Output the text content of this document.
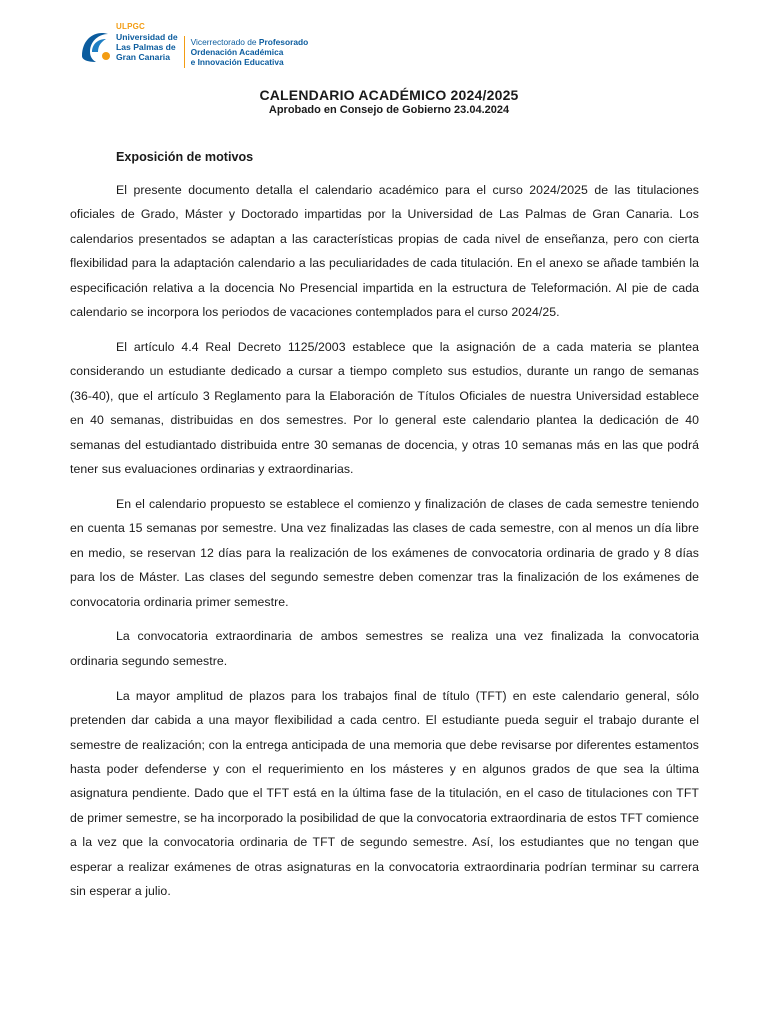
ULPGC
Universidad de
Las Palmas de
Gran Canaria
Vicerrectorado de Profesorado
Ordenación Académica
e Innovación Educativa
CALENDARIO ACADÉMICO 2024/2025
Aprobado en Consejo de Gobierno 23.04.2024
Exposición de motivos

El presente documento detalla el calendario académico para el curso 2024/2025 de las titulaciones oficiales de Grado, Máster y Doctorado impartidas por la Universidad de Las Palmas de Gran Canaria. Los calendarios presentados se adaptan a las características propias de cada nivel de enseñanza, pero con cierta flexibilidad para la adaptación calendario a las peculiaridades de cada titulación. En el anexo se añade también la especificación relativa a la docencia No Presencial impartida en la estructura de Teleformación. Al pie de cada calendario se incorpora los periodos de vacaciones contemplados para el curso 2024/25.

El artículo 4.4 Real Decreto 1125/2003 establece que la asignación de a cada materia se plantea considerando un estudiante dedicado a cursar a tiempo completo sus estudios, durante un rango de semanas (36-40), que el artículo 3 Reglamento para la Elaboración de Títulos Oficiales de nuestra Universidad establece en 40 semanas, distribuidas en dos semestres. Por lo general este calendario plantea la dedicación de 40 semanas del estudiantado distribuida entre 30 semanas de docencia, y otras 10 semanas más en las que podrá tener sus evaluaciones ordinarias y extraordinarias.

En el calendario propuesto se establece el comienzo y finalización de clases de cada semestre teniendo en cuenta 15 semanas por semestre. Una vez finalizadas las clases de cada semestre, con al menos un día libre en medio, se reservan 12 días para la realización de los exámenes de convocatoria ordinaria de grado y 8 días para los de Máster. Las clases del segundo semestre deben comenzar tras la finalización de los exámenes de convocatoria ordinaria primer semestre.

La convocatoria extraordinaria de ambos semestres se realiza una vez finalizada la convocatoria ordinaria segundo semestre.

La mayor amplitud de plazos para los trabajos final de título (TFT) en este calendario general, sólo pretenden dar cabida a una mayor flexibilidad a cada centro. El estudiante pueda seguir el trabajo durante el semestre de realización; con la entrega anticipada de una memoria que debe revisarse por diferentes estamentos hasta poder defenderse y con el requerimiento en los másteres y en algunos grados de que sea la última asignatura pendiente. Dado que el TFT está en la última fase de la titulación, en el caso de titulaciones con TFT de primer semestre, se ha incorporado la posibilidad de que la convocatoria extraordinaria de estos TFT comience a la vez que la convocatoria ordinaria de TFT de segundo semestre. Así, los estudiantes que no tengan que esperar a realizar exámenes de otras asignaturas en la convocatoria extraordinaria podrían terminar su carrera sin esperar a julio.
